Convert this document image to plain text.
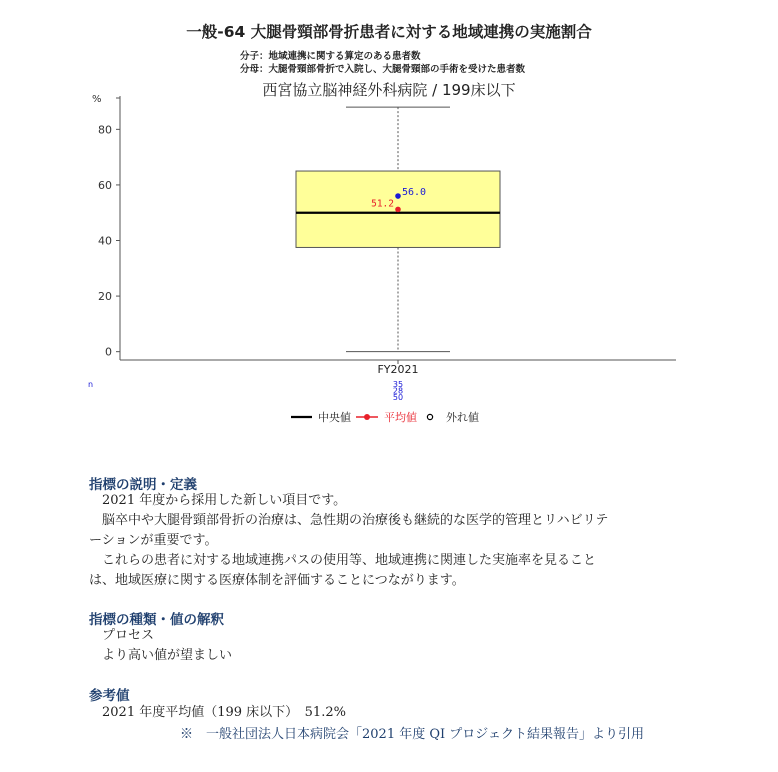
一般-64 大腿骨頸部骨折患者に対する地域連携の実施割合
分子：地域連携に関する算定のある患者数
分母：大腿骨頸部骨折で入院し、大腿骨頸部の手術を受けた患者数
西宮協立脳神経外科病院 / 199床以下
%
0
20
40
60
80
FY2021
51.2
56.0
n	35
28
50
中央値	平均値	外れ値
指標の説明・定義
　2021 年度から採用した新しい項目です。
　脳卒中や大腿骨頸部骨折の治療は、急性期の治療後も継続的な医学的管理とリハビリテ
ーションが重要です。
　これらの患者に対する地域連携パスの使用等、地域連携に関連した実施率を見ること
は、地域医療に関する医療体制を評価することにつながります。
指標の種類・値の解釈
　プロセス
　より高い値が望ましい
参考値
　2021 年度平均値（199 床以下）　51.2%
※　一般社団法人日本病院会「2021 年度 QI プロジェクト結果報告」より引用
